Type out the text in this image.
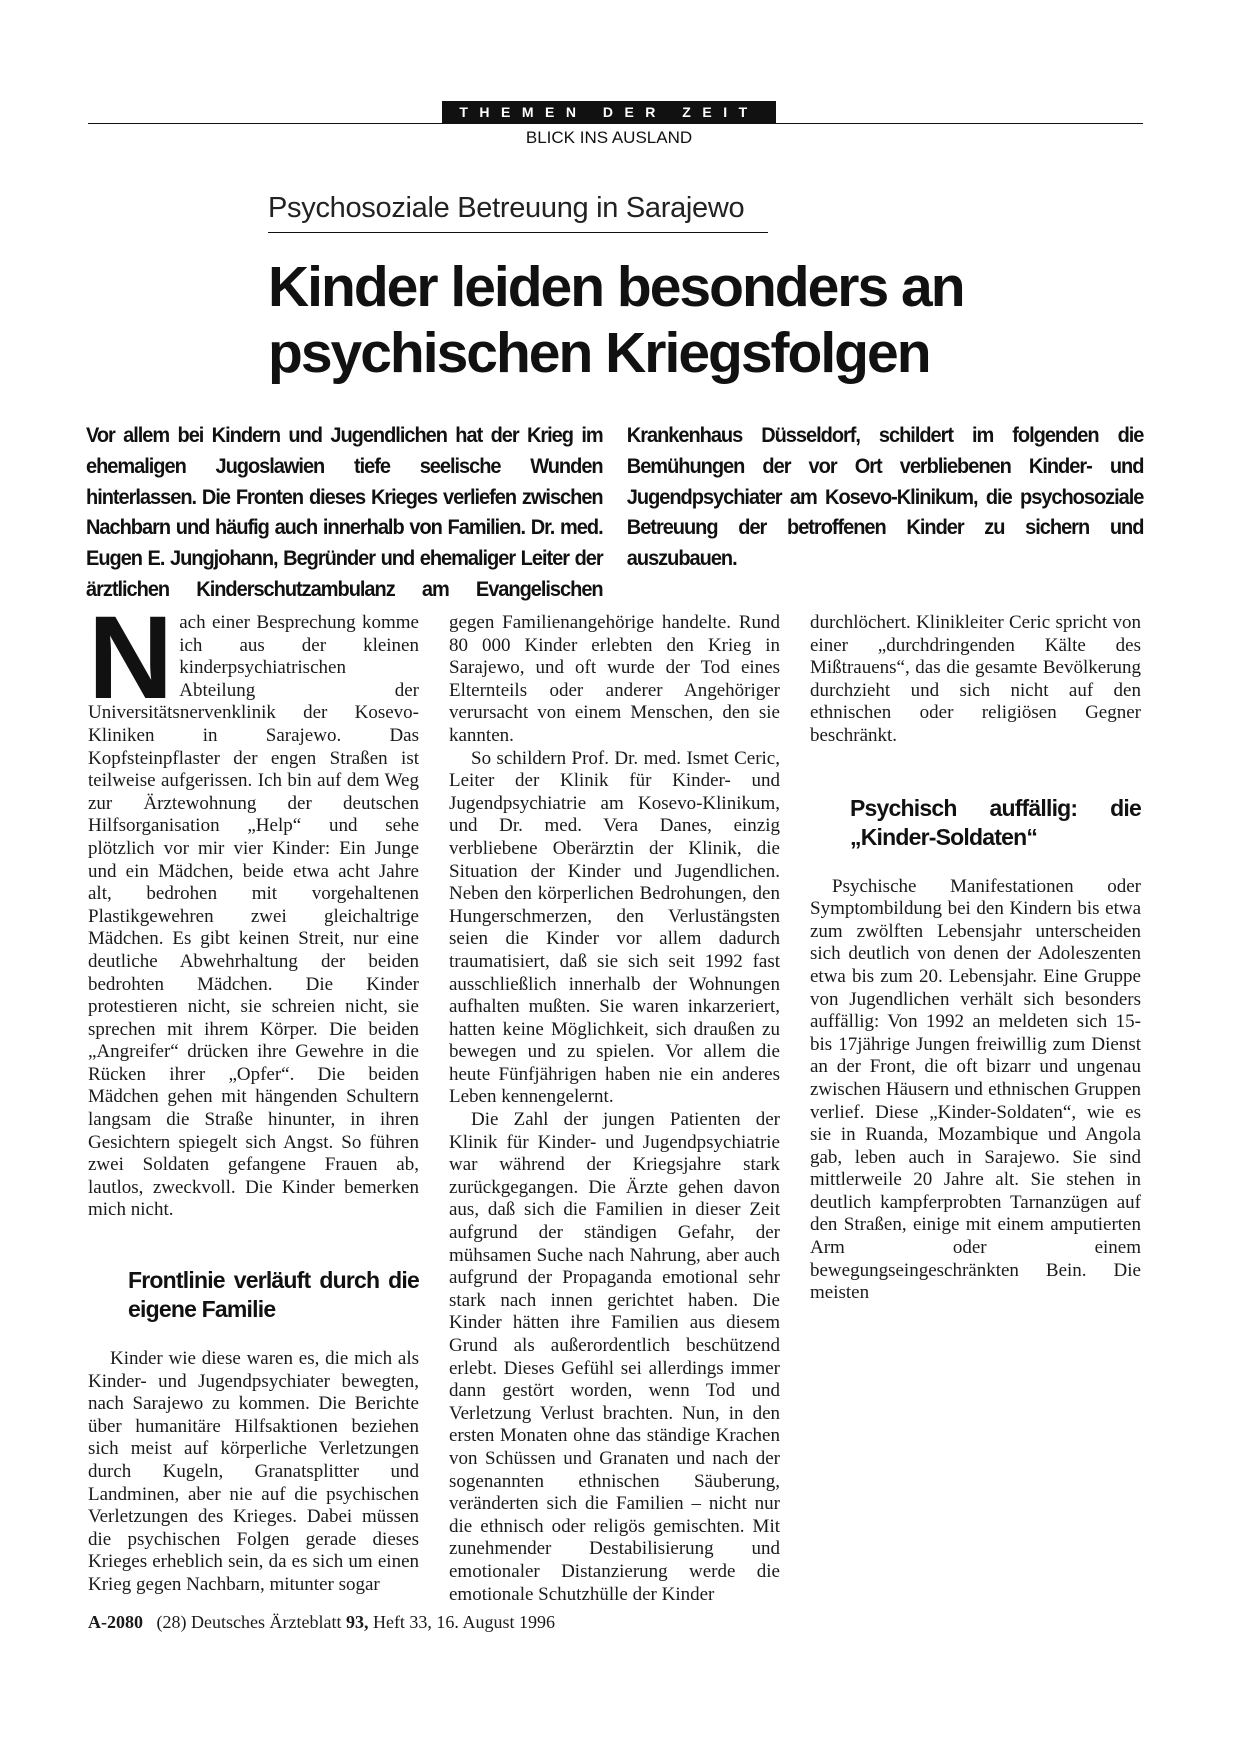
THEMEN DER ZEIT
BLICK INS AUSLAND
Psychosoziale Betreuung in Sarajewo
Kinder leiden besonders an psychischen Kriegsfolgen
Vor allem bei Kindern und Jugendlichen hat der Krieg im ehemaligen Jugoslawien tiefe seelische Wunden hinterlassen. Die Fronten dieses Krieges verliefen zwischen Nachbarn und häufig auch innerhalb von Familien. Dr. med. Eugen E. Jungjohann, Begründer und ehemaliger Leiter der ärztlichen Kinderschutzambulanz am Evangelischen Krankenhaus Düsseldorf, schildert im folgenden die Bemühungen der vor Ort verbliebenen Kinder- und Jugendpsychiater am Kosevo-Klinikum, die psychosoziale Betreuung der betroffenen Kinder zu sichern und auszubauen.

Nach einer Besprechung komme ich aus der kleinen kinderpsychiatrischen Abteilung der Universitätsnervenklinik der Kosevo-Kliniken in Sarajewo. Das Kopfsteinpflaster der engen Straßen ist teilweise aufgerissen. Ich bin auf dem Weg zur Ärztewohnung der deutschen Hilfsorganisation „Help“ und sehe plötzlich vor mir vier Kinder: Ein Junge und ein Mädchen, beide etwa acht Jahre alt, bedrohen mit vorgehaltenen Plastikgewehren zwei gleichaltrige Mädchen. Es gibt keinen Streit, nur eine deutliche Abwehrhaltung der beiden bedrohten Mädchen. Die Kinder protestieren nicht, sie schreien nicht, sie sprechen mit ihrem Körper. Die beiden „Angreifer“ drücken ihre Gewehre in die Rücken ihrer „Opfer“. Die beiden Mädchen gehen mit hängenden Schultern langsam die Straße hinunter, in ihren Gesichtern spiegelt sich Angst. So führen zwei Soldaten gefangene Frauen ab, lautlos, zweckvoll. Die Kinder bemerken mich nicht.

Frontlinie verläuft durch die eigene Familie

Kinder wie diese waren es, die mich als Kinder- und Jugendpsychiater bewegten, nach Sarajewo zu kommen. Die Berichte über humanitäre Hilfsaktionen beziehen sich meist auf körperliche Verletzungen durch Kugeln, Granatsplitter und Landminen, aber nie auf die psychischen Verletzungen des Krieges. Dabei müssen die psychischen Folgen gerade dieses Krieges erheblich sein, da es sich um einen Krieg gegen Nachbarn, mitunter sogar

gegen Familienangehörige handelte. Rund 80 000 Kinder erlebten den Krieg in Sarajewo, und oft wurde der Tod eines Elternteils oder anderer Angehöriger verursacht von einem Menschen, den sie kannten.

So schildern Prof. Dr. med. Ismet Ceric, Leiter der Klinik für Kinder- und Jugendpsychiatrie am Kosevo-Klinikum, und Dr. med. Vera Danes, einzig verbliebene Oberärztin der Klinik, die Situation der Kinder und Jugendlichen. Neben den körperlichen Bedrohungen, den Hungerschmerzen, den Verlustängsten seien die Kinder vor allem dadurch traumatisiert, daß sie sich seit 1992 fast ausschließlich innerhalb der Wohnungen aufhalten mußten. Sie waren inkarzeriert, hatten keine Möglichkeit, sich draußen zu bewegen und zu spielen. Vor allem die heute Fünfjährigen haben nie ein anderes Leben kennengelernt.

Die Zahl der jungen Patienten der Klinik für Kinder- und Jugendpsychiatrie war während der Kriegsjahre stark zurückgegangen. Die Ärzte gehen davon aus, daß sich die Familien in dieser Zeit aufgrund der ständigen Gefahr, der mühsamen Suche nach Nahrung, aber auch aufgrund der Propaganda emotional sehr stark nach innen gerichtet haben. Die Kinder hätten ihre Familien aus diesem Grund als außerordentlich beschützend erlebt. Dieses Gefühl sei allerdings immer dann gestört worden, wenn Tod und Verletzung Verlust brachten. Nun, in den ersten Monaten ohne das ständige Krachen von Schüssen und Granaten und nach der sogenannten ethnischen Säuberung, veränderten sich die Familien – nicht nur die ethnisch oder religös gemischten. Mit zunehmender Destabilisierung und emotionaler Distanzierung werde die emotionale Schutzhülle der Kinder

durchlöchert. Klinikleiter Ceric spricht von einer „durchdringenden Kälte des Mißtrauens“, das die gesamte Bevölkerung durchzieht und sich nicht auf den ethnischen oder religiösen Gegner beschränkt.

Psychisch auffällig: die „Kinder-Soldaten“

Psychische Manifestationen oder Symptombildung bei den Kindern bis etwa zum zwölften Lebensjahr unterscheiden sich deutlich von denen der Adoleszenten etwa bis zum 20. Lebensjahr. Eine Gruppe von Jugendlichen verhält sich besonders auffällig: Von 1992 an meldeten sich 15- bis 17jährige Jungen freiwillig zum Dienst an der Front, die oft bizarr und ungenau zwischen Häusern und ethnischen Gruppen verlief. Diese „Kinder-Soldaten“, wie es sie in Ruanda, Mozambique und Angola gab, leben auch in Sarajewo. Sie sind mittlerweile 20 Jahre alt. Sie stehen in deutlich kampferprobten Tarnanzügen auf den Straßen, einige mit einem amputierten Arm oder einem bewegungseingeschränkten Bein. Die meisten

A-2080 (28) Deutsches Ärzteblatt 93, Heft 33, 16. August 1996
